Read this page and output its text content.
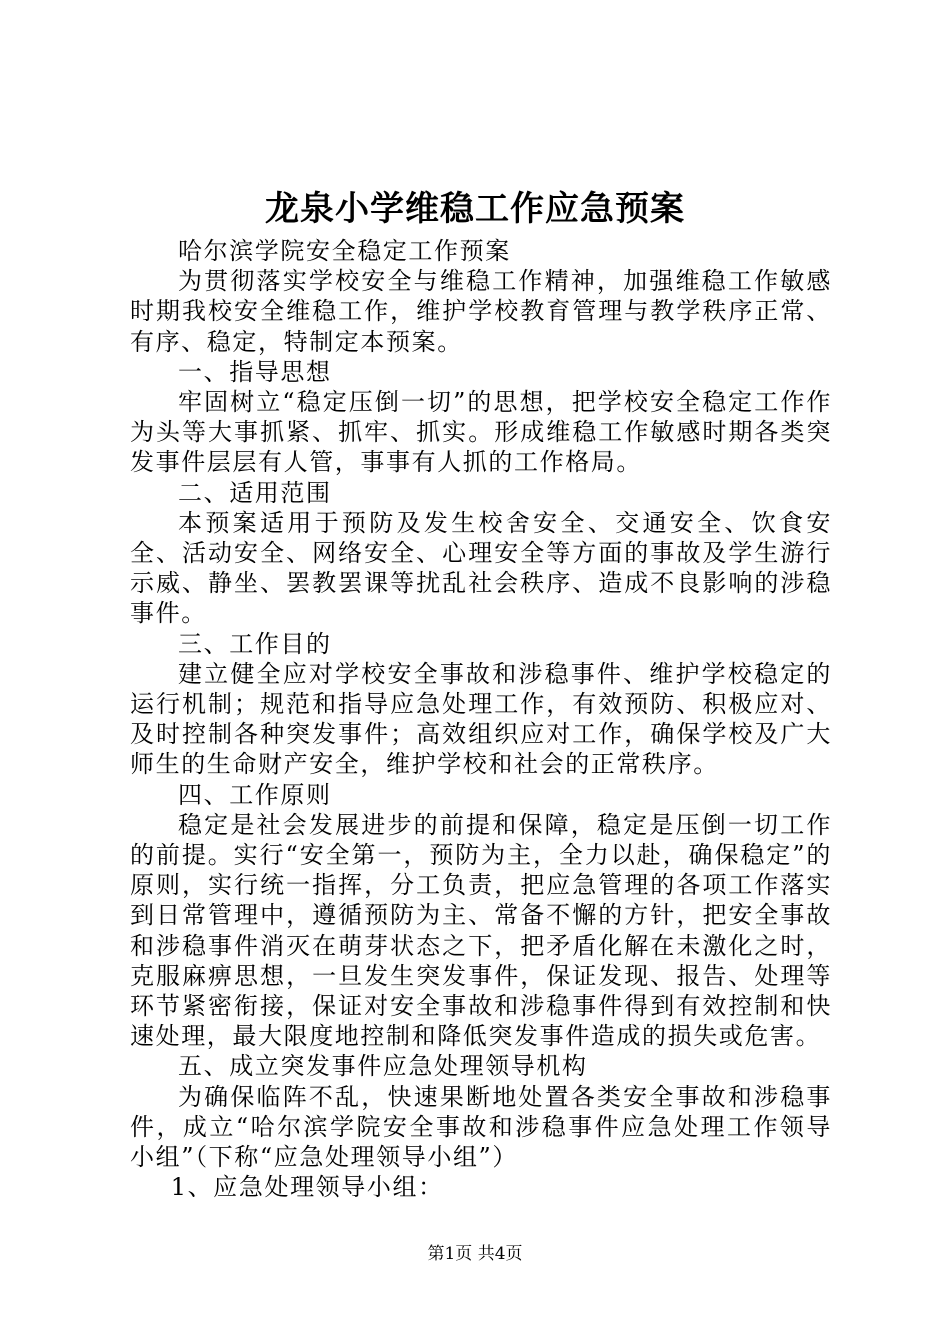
龙泉小学维稳工作应急预案

哈尔滨学院安全稳定工作预案

为贯彻落实学校安全与维稳工作精神，加强维稳工作敏感时期我校安全维稳工作，维护学校教育管理与教学秩序正常、有序、稳定，特制定本预案。

一、指导思想

牢固树立“稳定压倒一切”的思想，把学校安全稳定工作作为头等大事抓紧、抓牢、抓实。形成维稳工作敏感时期各类突发事件层层有人管，事事有人抓的工作格局。

二、适用范围

本预案适用于预防及发生校舍安全、交通安全、饮食安全、活动安全、网络安全、心理安全等方面的事故及学生游行示威、静坐、罢教罢课等扰乱社会秩序、造成不良影响的涉稳事件。

三、工作目的

建立健全应对学校安全事故和涉稳事件、维护学校稳定的运行机制；规范和指导应急处理工作，有效预防、积极应对、及时控制各种突发事件；高效组织应对工作，确保学校及广大师生的生命财产安全，维护学校和社会的正常秩序。

四、工作原则

稳定是社会发展进步的前提和保障，稳定是压倒一切工作的前提。实行“安全第一，预防为主，全力以赴，确保稳定”的原则，实行统一指挥，分工负责，把应急管理的各项工作落实到日常管理中，遵循预防为主、常备不懈的方针，把安全事故和涉稳事件消灭在萌芽状态之下，把矛盾化解在未激化之时，克服麻痹思想，一旦发生突发事件，保证发现、报告、处理等环节紧密衔接，保证对安全事故和涉稳事件得到有效控制和快速处理，最大限度地控制和降低突发事件造成的损失或危害。

五、成立突发事件应急处理领导机构

为确保临阵不乱，快速果断地处置各类安全事故和涉稳事件，成立“哈尔滨学院安全事故和涉稳事件应急处理工作领导小组”（下称“应急处理领导小组”）

1、应急处理领导小组：

第1页 共4页
